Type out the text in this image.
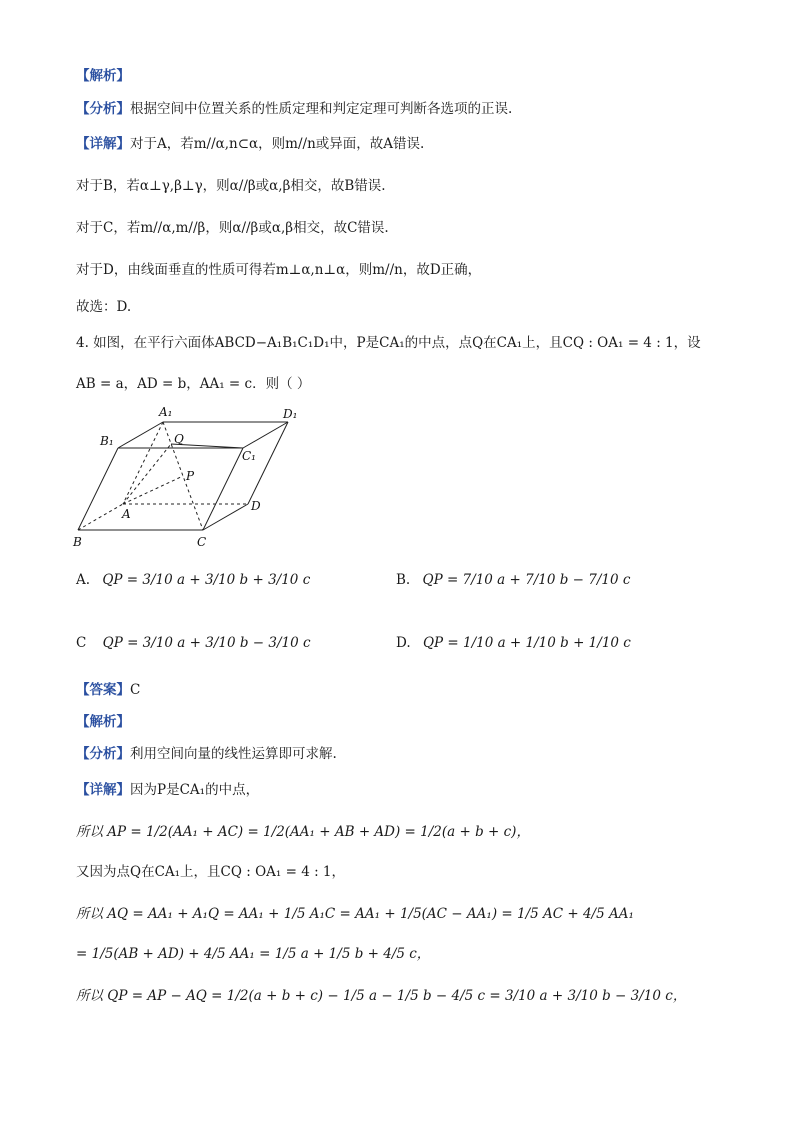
【解析】
【分析】根据空间中位置关系的性质定理和判定定理可判断各选项的正误.
【详解】对于A，若m//α,n⊂α，则m//n或异面，故A错误.
对于B，若α⊥γ,β⊥γ，则α//β或α,β相交，故B错误.
对于C，若m//α,m//β，则α//β或α,β相交，故C错误.
对于D，由线面垂直的性质可得若m⊥α,n⊥α，则m//n，故D正确，
故选：D.
4. 如图，在平行六面体ABCD−A₁B₁C₁D₁中，P是CA₁的中点，点Q在CA₁上，且CQ : OA₁ = 4 : 1，设
AB = a，AD = b，AA₁ = c．则（ ）
A₁	D₁
B₁
C₁
Q
P
A
D
B	C
A. QP = 3/10 a + 3/10 b + 3/10 c	B. QP = 7/10 a + 7/10 b − 7/10 c
C QP = 3/10 a + 3/10 b − 3/10 c	D. QP = 1/10 a + 1/10 b + 1/10 c
【答案】C
【解析】
【分析】利用空间向量的线性运算即可求解.
【详解】因为P是CA₁的中点，
所以 AP = 1/2(AA₁ + AC) = 1/2(AA₁ + AB + AD) = 1/2(a + b + c)，
又因为点Q在CA₁上，且CQ : OA₁ = 4 : 1，
所以 AQ = AA₁ + A₁Q = AA₁ + 1/5 A₁C = AA₁ + 1/5(AC − AA₁) = 1/5 AC + 4/5 AA₁
= 1/5(AB + AD) + 4/5 AA₁ = 1/5 a + 1/5 b + 4/5 c，
所以 QP = AP − AQ = 1/2(a + b + c) − 1/5 a − 1/5 b − 4/5 c = 3/10 a + 3/10 b − 3/10 c，
